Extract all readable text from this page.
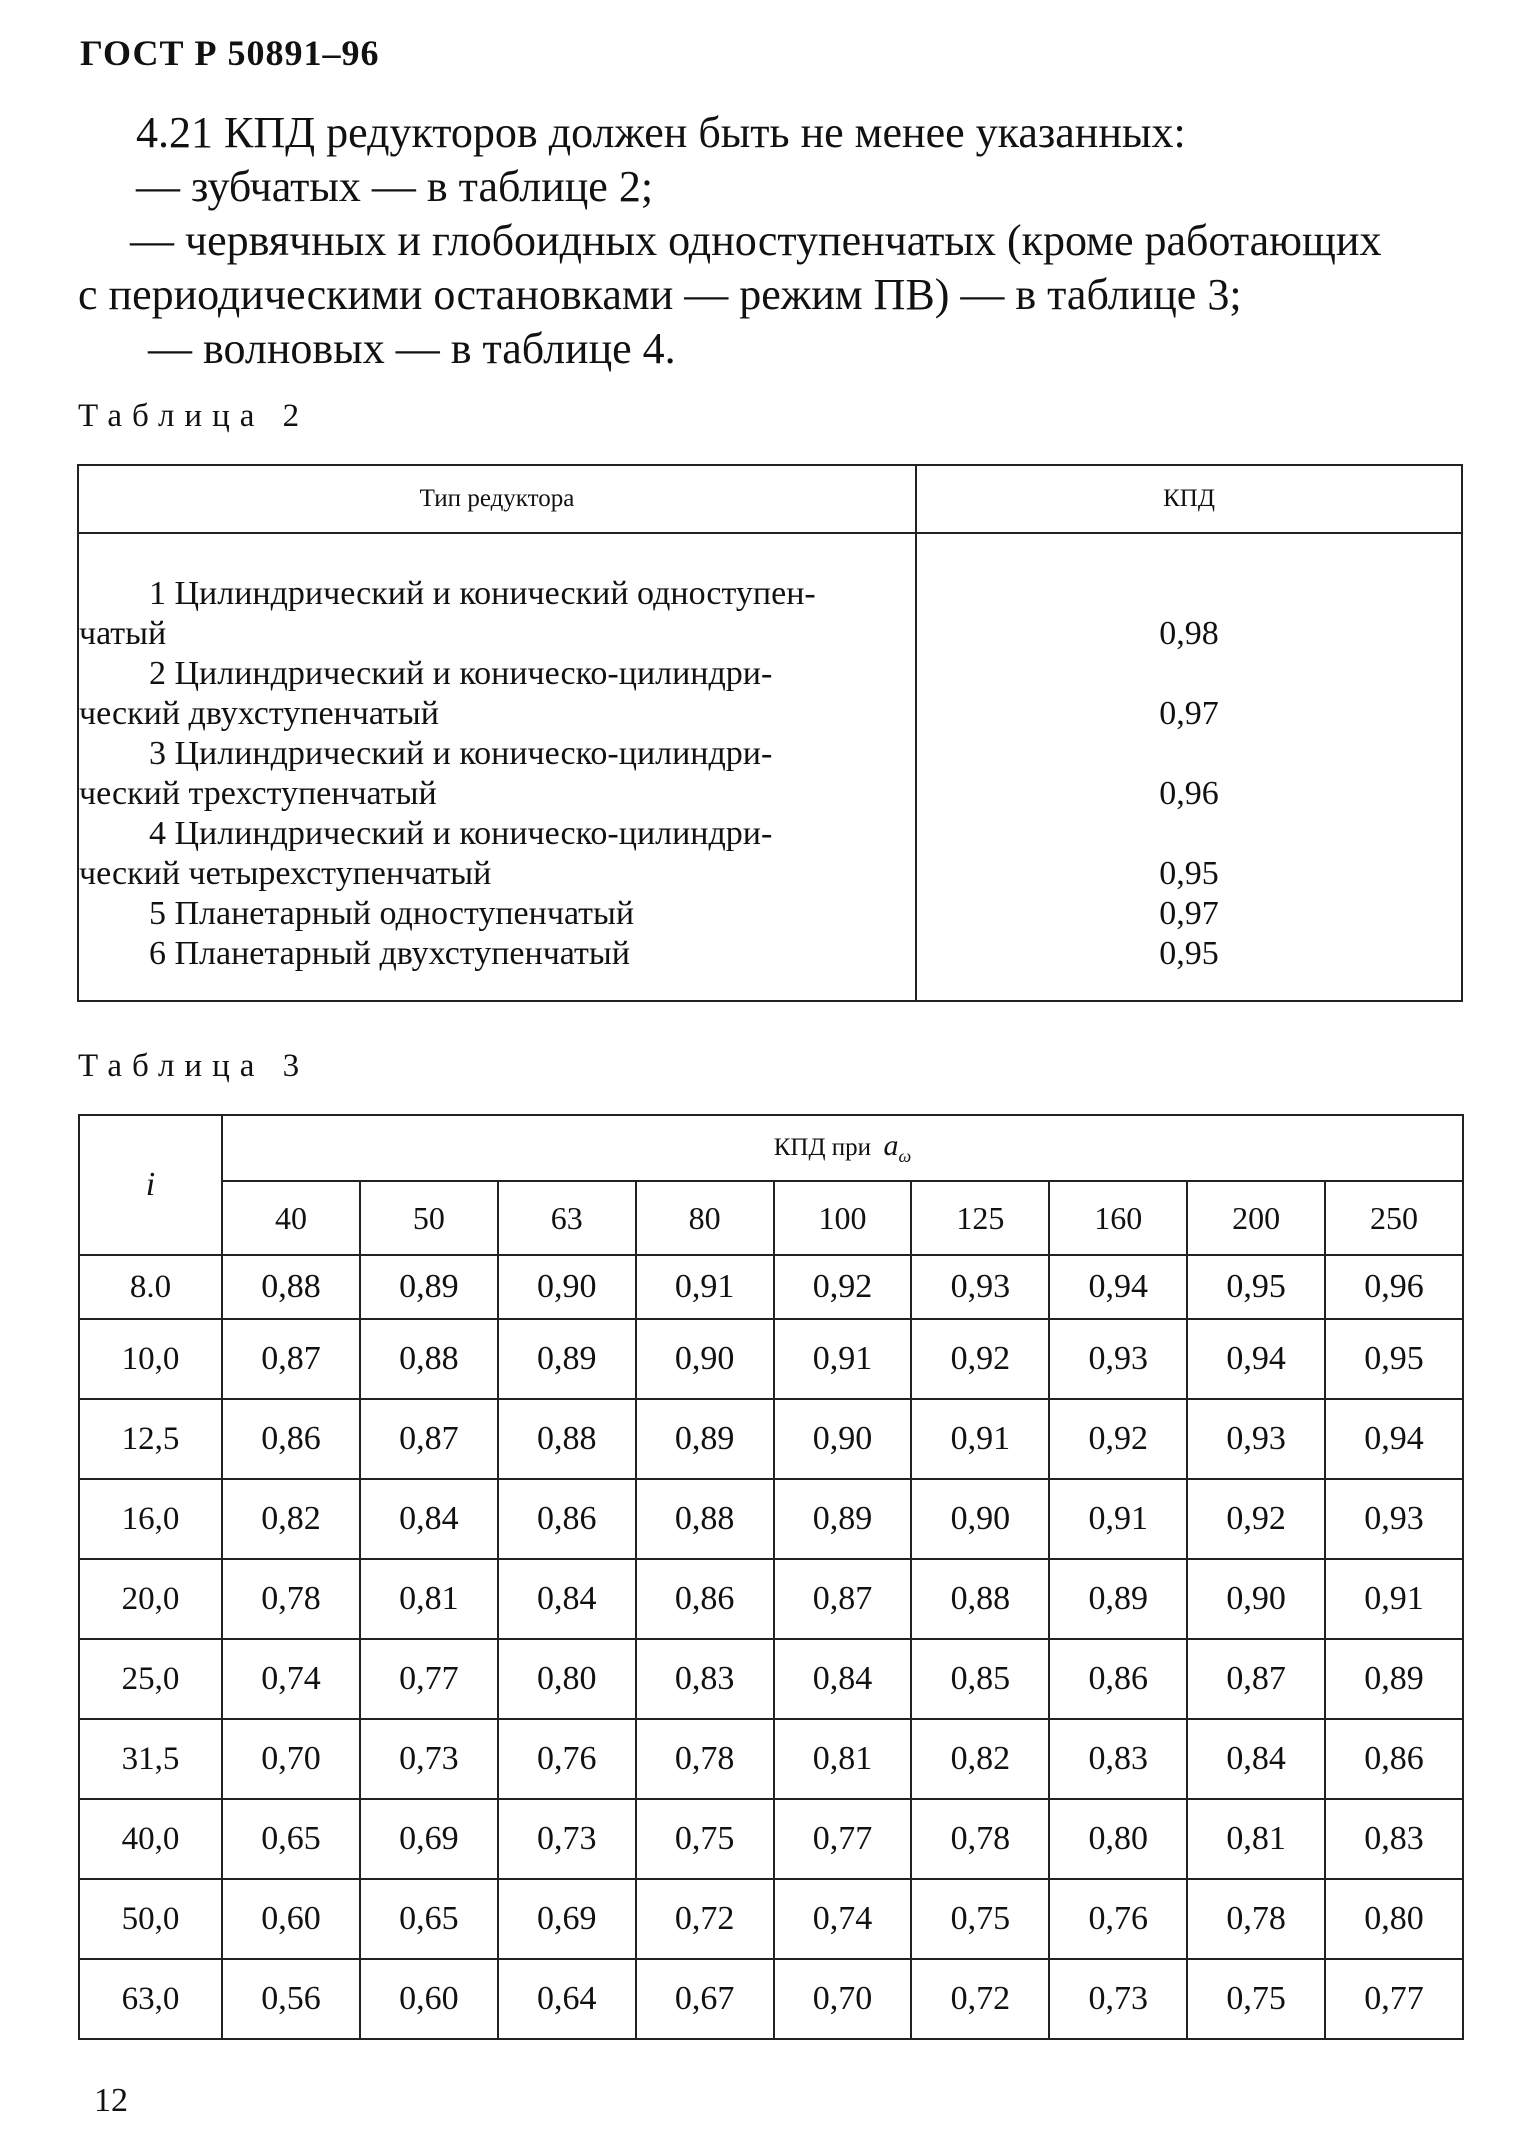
ГОСТ Р 50891–96
4.21 КПД редукторов должен быть не менее указанных:
— зубчатых — в таблице 2;
— червячных и глобоидных одноступенчатых (кроме работающих
с периодическими остановками — режим ПВ) — в таблице 3;
— волновых — в таблице 4.
Таблица 2
Тип редуктора	КПД

1 Цилиндрический и конический одноступен-
чатый	0,98

2 Цилиндрический и коническо-цилиндри-
ческий двухступенчатый	0,97

3 Цилиндрический и коническо-цилиндри-
ческий трехступенчатый	0,96

4 Цилиндрический и коническо-цилиндри-
ческий четырехступенчатый	0,95

5 Планетарный одноступенчатый	0,97

6 Планетарный двухступенчатый	0,95
Таблица 3
i	КПД при $a_\omega$
	40	50	63	80	100	125	160	200	250
8.0	0,88	0,89	0,90	0,91	0,92	0,93	0,94	0,95	0,96
10,0	0,87	0,88	0,89	0,90	0,91	0,92	0,93	0,94	0,95
12,5	0,86	0,87	0,88	0,89	0,90	0,91	0,92	0,93	0,94
16,0	0,82	0,84	0,86	0,88	0,89	0,90	0,91	0,92	0,93
20,0	0,78	0,81	0,84	0,86	0,87	0,88	0,89	0,90	0,91
25,0	0,74	0,77	0,80	0,83	0,84	0,85	0,86	0,87	0,89
31,5	0,70	0,73	0,76	0,78	0,81	0,82	0,83	0,84	0,86
40,0	0,65	0,69	0,73	0,75	0,77	0,78	0,80	0,81	0,83
50,0	0,60	0,65	0,69	0,72	0,74	0,75	0,76	0,78	0,80
63,0	0,56	0,60	0,64	0,67	0,70	0,72	0,73	0,75	0,77
12
